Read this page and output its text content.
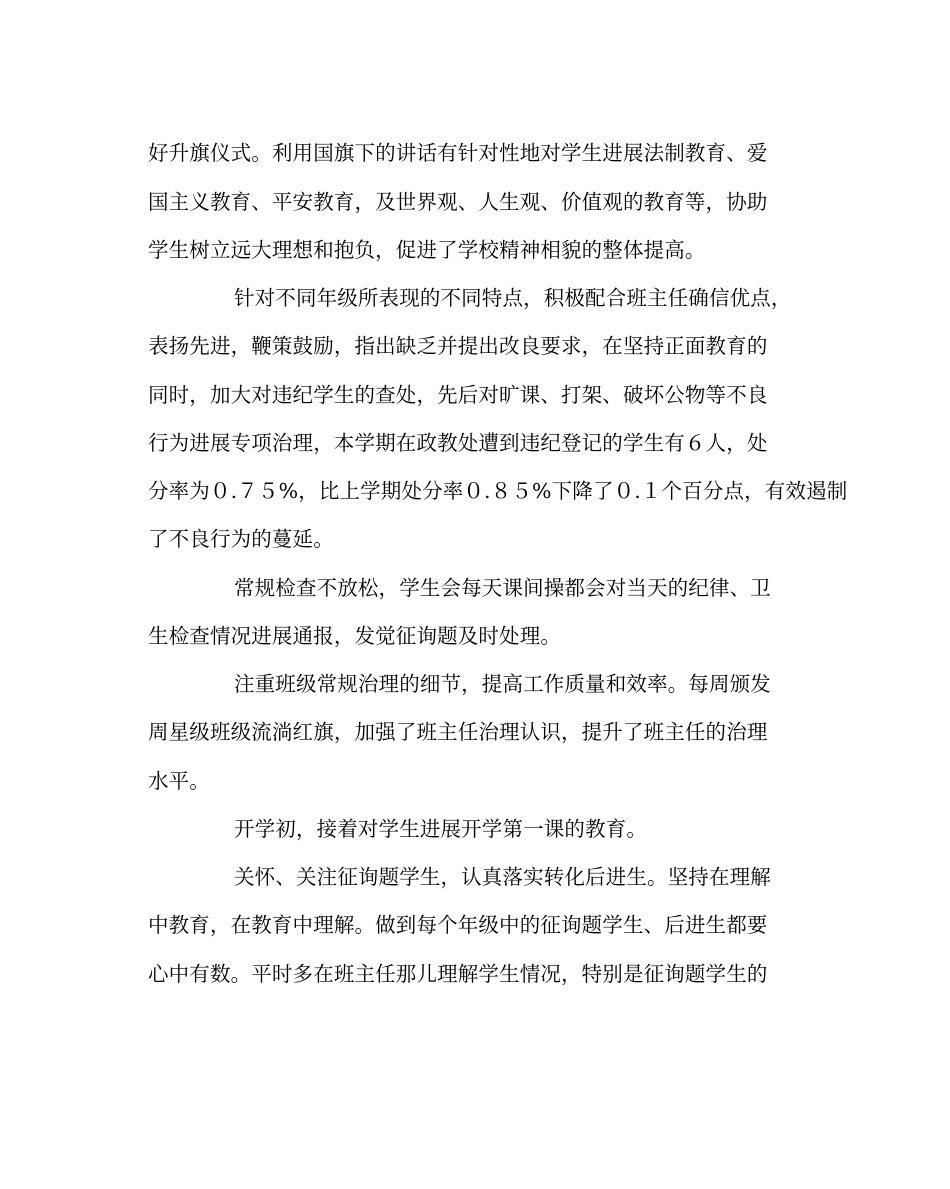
好升旗仪式。利用国旗下的讲话有针对性地对学生进展法制教育、爱
国主义教育、平安教育，及世界观、人生观、价值观的教育等，协助
学生树立远大理想和抱负，促进了学校精神相貌的整体提高。
针对不同年级所表现的不同特点，积极配合班主任确信优点，
表扬先进，鞭策鼓励，指出缺乏并提出改良要求，在坚持正面教育的
同时，加大对违纪学生的查处，先后对旷课、打架、破坏公物等不良
行为进展专项治理，本学期在政教处遭到违纪登记的学生有６人，处
分率为０.７５%，比上学期处分率０.８５%下降了０.１个百分点，有效遏制
了不良行为的蔓延。
常规检查不放松，学生会每天课间操都会对当天的纪律、卫
生检查情况进展通报，发觉征询题及时处理。
注重班级常规治理的细节，提高工作质量和效率。每周颁发
周星级班级流淌红旗，加强了班主任治理认识，提升了班主任的治理
水平。
开学初，接着对学生进展开学第一课的教育。
关怀、关注征询题学生，认真落实转化后进生。坚持在理解
中教育，在教育中理解。做到每个年级中的征询题学生、后进生都要
心中有数。平时多在班主任那儿理解学生情况，特别是征询题学生的
